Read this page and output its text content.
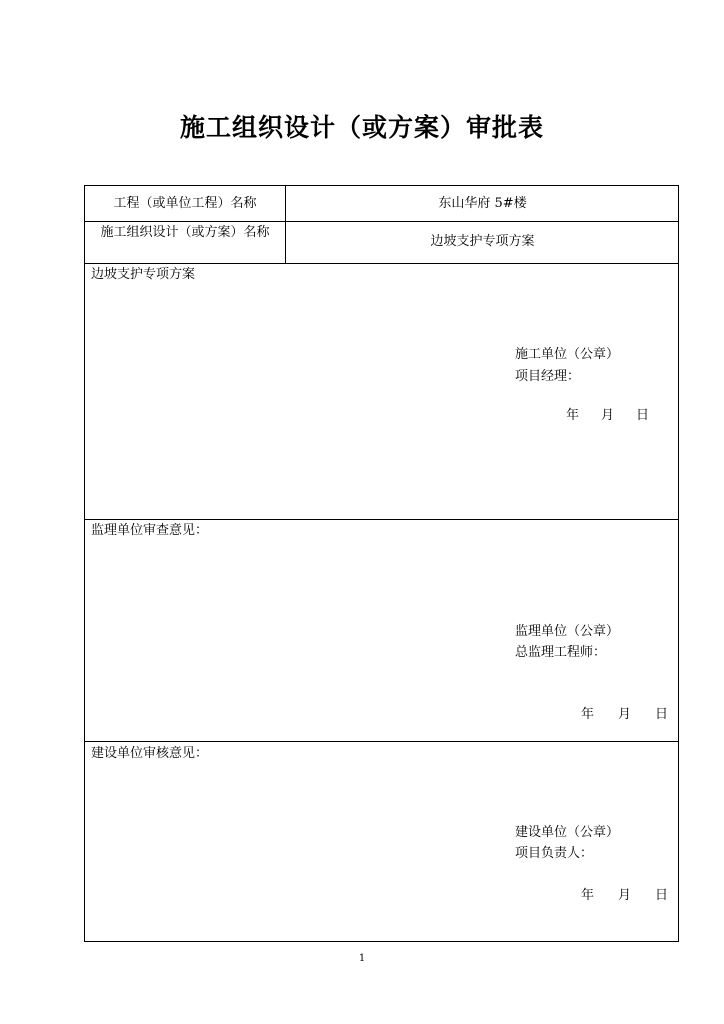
施工组织设计（或方案）审批表
工程（或单位工程）名称	东山华府 5#楼
施工组织设计（或方案）名称
边坡支护专项方案
边坡支护专项方案
施工单位（公章）
项目经理：
年 月 日
监理单位审查意见：
监理单位（公章）
总监理工程师：
年 月 日
建设单位审核意见：
建设单位（公章）
项目负责人：
年 月 日
1
